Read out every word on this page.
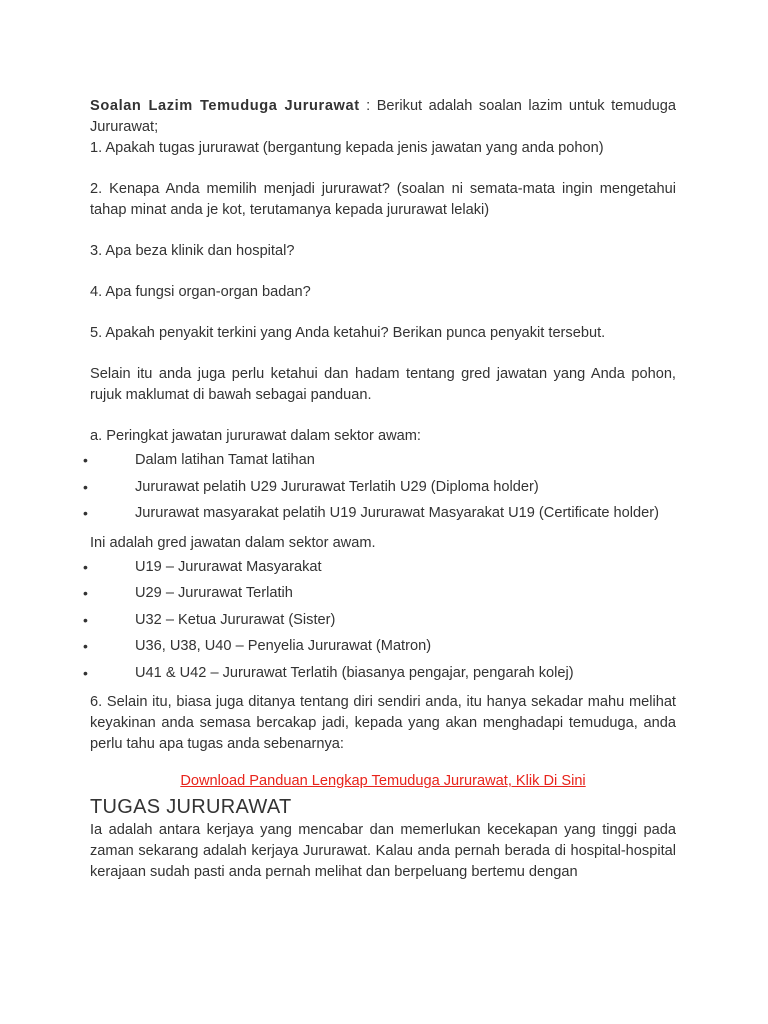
Soalan Lazim Temuduga Jururawat : Berikut adalah soalan lazim untuk temuduga Jururawat;

1. Apakah tugas jururawat (bergantung kepada jenis jawatan yang anda pohon)

2. Kenapa Anda memilih menjadi jururawat? (soalan ni semata-mata ingin mengetahui tahap minat anda je kot, terutamanya kepada jururawat lelaki)

3. Apa beza klinik dan hospital?

4. Apa fungsi organ-organ badan?

5. Apakah penyakit terkini yang Anda ketahui? Berikan punca penyakit tersebut.

Selain itu anda juga perlu ketahui dan hadam tentang gred jawatan yang Anda pohon, rujuk maklumat di bawah sebagai panduan.

a. Peringkat jawatan jururawat dalam sektor awam:

•	Dalam latihan Tamat latihan
•	Jururawat pelatih U29 Jururawat Terlatih U29 (Diploma holder)
•	Jururawat masyarakat pelatih U19 Jururawat Masyarakat U19 (Certificate holder)

Ini adalah gred jawatan dalam sektor awam.

•	U19 – Jururawat Masyarakat
•	U29 – Jururawat Terlatih
•	U32 – Ketua Jururawat (Sister)
•	U36, U38, U40 – Penyelia Jururawat (Matron)
•	U41 & U42 – Jururawat Terlatih (biasanya pengajar, pengarah kolej)

6. Selain itu, biasa juga ditanya tentang diri sendiri anda, itu hanya sekadar mahu melihat keyakinan anda semasa bercakap jadi, kepada yang akan menghadapi temuduga, anda perlu tahu apa tugas anda sebenarnya:

Download Panduan Lengkap Temuduga Jururawat, Klik Di Sini

TUGAS JURURAWAT

Ia adalah antara kerjaya yang mencabar dan memerlukan kecekapan yang tinggi pada zaman sekarang adalah kerjaya Jururawat. Kalau anda pernah berada di hospital-hospital kerajaan sudah pasti anda pernah melihat dan berpeluang bertemu dengan
